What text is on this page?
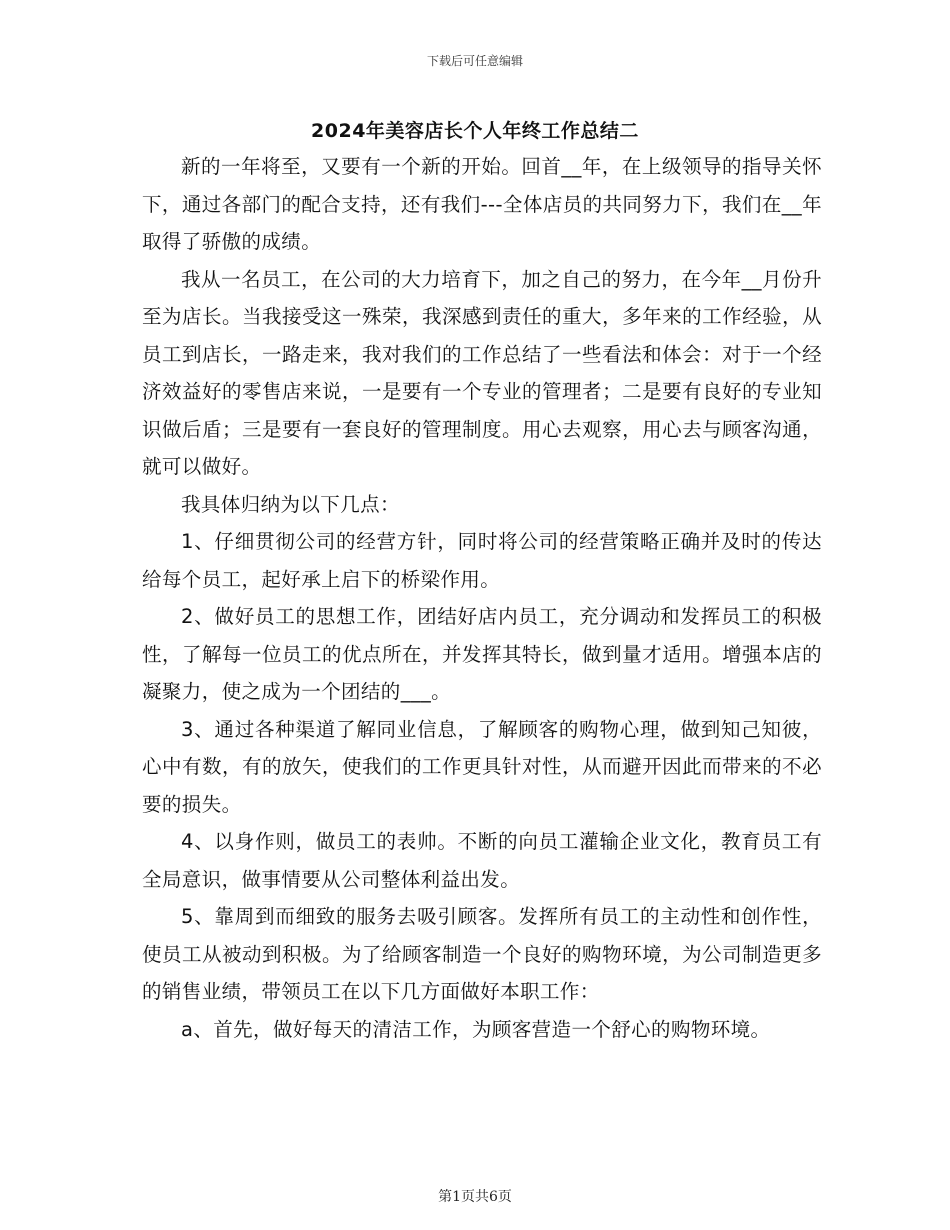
下载后可任意编辑
2024年美容店长个人年终工作总结二

新的一年将至，又要有一个新的开始。回首__年，在上级领导的指导关怀下，通过各部门的配合支持，还有我们---全体店员的共同努力下，我们在__年取得了骄傲的成绩。

我从一名员工，在公司的大力培育下，加之自己的努力，在今年__月份升至为店长。当我接受这一殊荣，我深感到责任的重大，多年来的工作经验，从员工到店长，一路走来，我对我们的工作总结了一些看法和体会：对于一个经济效益好的零售店来说，一是要有一个专业的管理者；二是要有良好的专业知识做后盾；三是要有一套良好的管理制度。用心去观察，用心去与顾客沟通，就可以做好。

我具体归纳为以下几点：

1、仔细贯彻公司的经营方针，同时将公司的经营策略正确并及时的传达给每个员工，起好承上启下的桥梁作用。

2、做好员工的思想工作，团结好店内员工，充分调动和发挥员工的积极性，了解每一位员工的优点所在，并发挥其特长，做到量才适用。增强本店的凝聚力，使之成为一个团结的___。

3、通过各种渠道了解同业信息，了解顾客的购物心理，做到知己知彼，心中有数，有的放矢，使我们的工作更具针对性，从而避开因此而带来的不必要的损失。

4、以身作则，做员工的表帅。不断的向员工灌输企业文化，教育员工有全局意识，做事情要从公司整体利益出发。

5、靠周到而细致的服务去吸引顾客。发挥所有员工的主动性和创作性，使员工从被动到积极。为了给顾客制造一个良好的购物环境，为公司制造更多的销售业绩，带领员工在以下几方面做好本职工作：

a、首先，做好每天的清洁工作，为顾客营造一个舒心的购物环境。

第1页共6页
